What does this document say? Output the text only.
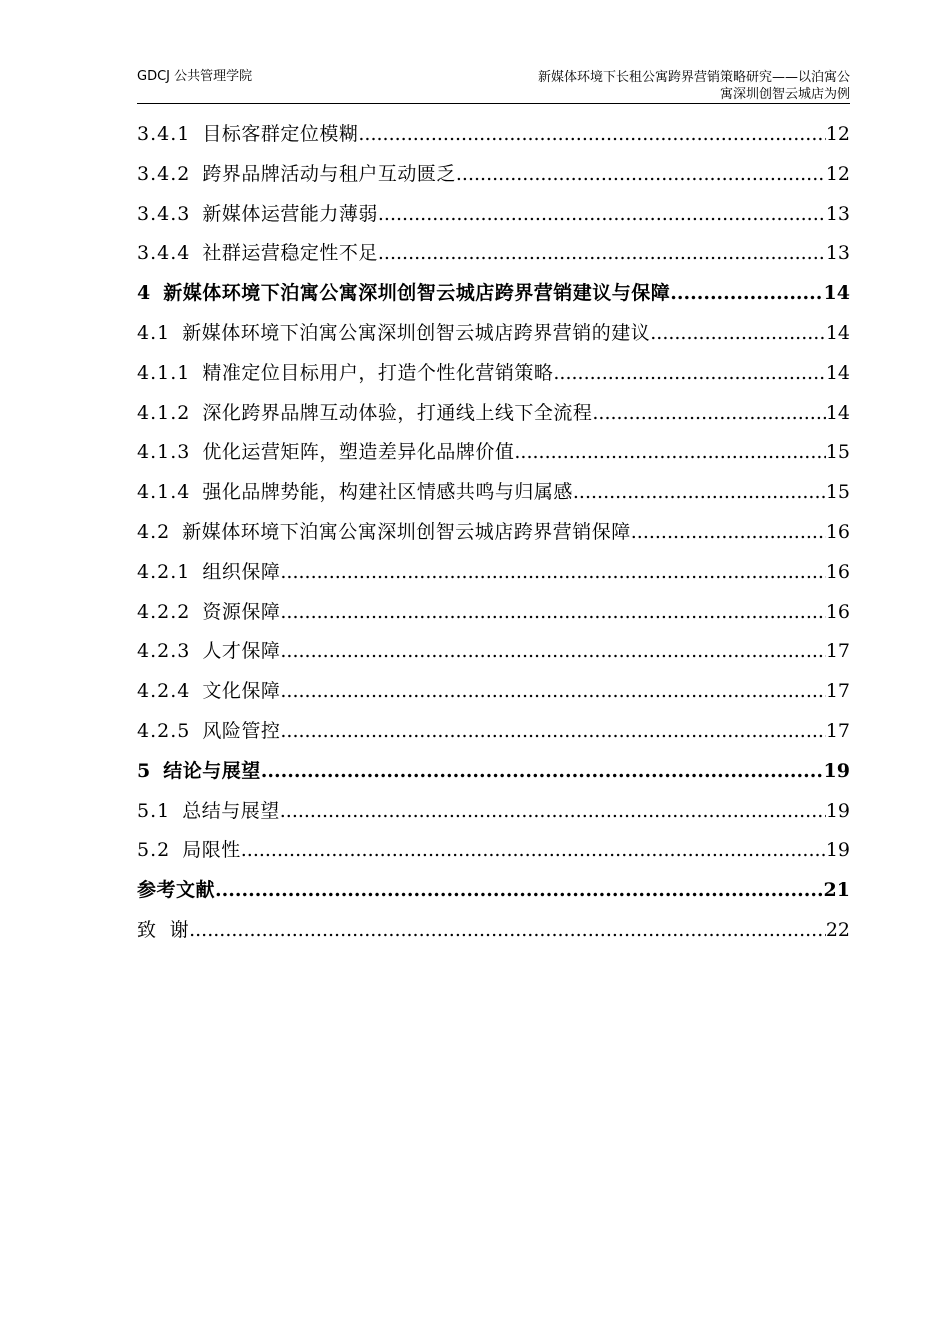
GDCJ 公共管理学院	新媒体环境下长租公寓跨界营销策略研究——以泊寓公
寓深圳创智云城店为例
3.4.1 目标客群定位模糊 .....	12
3.4.2 跨界品牌活动与租户互动匮乏 .....	12
3.4.3 新媒体运营能力薄弱 .....	13
3.4.4 社群运营稳定性不足 .....	13
4 新媒体环境下泊寓公寓深圳创智云城店跨界营销建议与保障 .....	14
4.1 新媒体环境下泊寓公寓深圳创智云城店跨界营销的建议 .....	14
4.1.1 精准定位目标用户，打造个性化营销策略 .....	14
4.1.2 深化跨界品牌互动体验，打通线上线下全流程 .....	14
4.1.3 优化运营矩阵，塑造差异化品牌价值 .....	15
4.1.4 强化品牌势能，构建社区情感共鸣与归属感 .....	15
4.2 新媒体环境下泊寓公寓深圳创智云城店跨界营销保障 .....	16
4.2.1 组织保障 .....	16
4.2.2 资源保障 .....	16
4.2.3 人才保障 .....	17
4.2.4 文化保障 .....	17
4.2.5 风险管控 .....	17
5 结论与展望 .....	19
5.1 总结与展望 .....	19
5.2 局限性 .....	19
参考文献 .....	21
致  谢 .....	22
